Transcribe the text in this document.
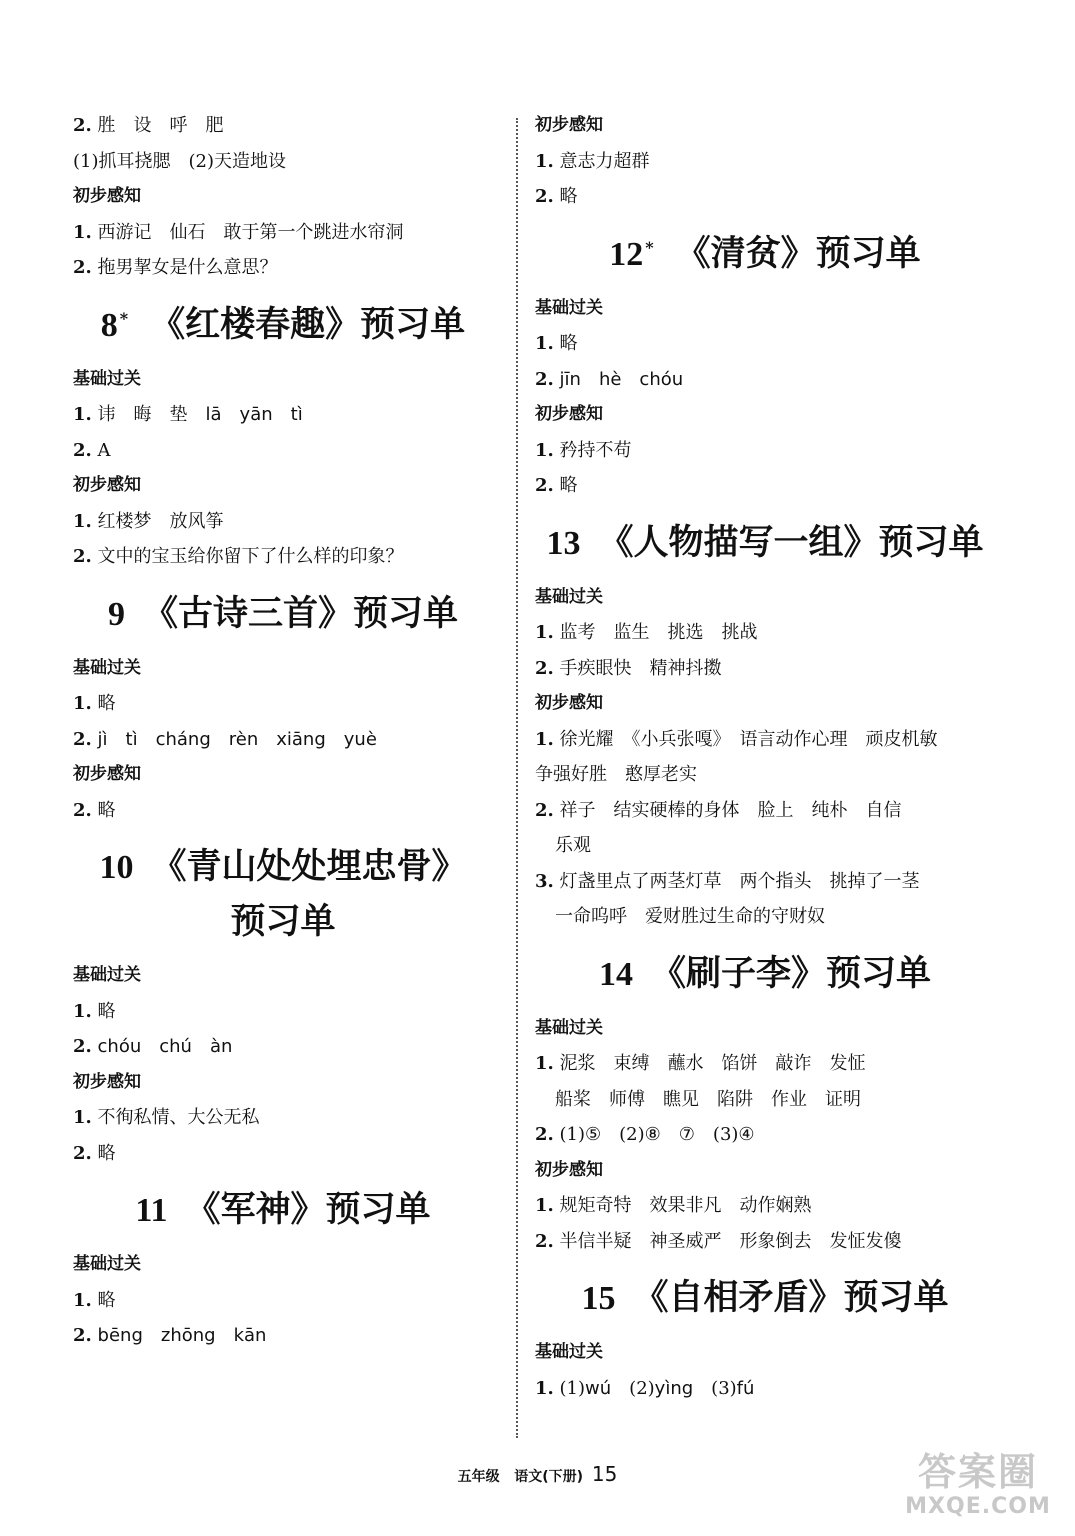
2. 胜　设　呼　肥
(1)抓耳挠腮　(2)天造地设
初步感知
1. 西游记　仙石　敢于第一个跳进水帘洞
2. 拖男挈女是什么意思？
8 * 《红楼春趣》预习单
基础过关
1. 讳　晦　垫　lā　yān　tì
2. A
初步感知
1. 红楼梦　放风筝
2. 文中的宝玉给你留下了什么样的印象？
9 《古诗三首》预习单
基础过关
1. 略
2. jì　tì　cháng　rèn　xiāng　yuè
初步感知
2. 略
10 《青山处处埋忠骨》
预习单
基础过关
1. 略
2. chóu　chú　àn
初步感知
1. 不徇私情、大公无私
2. 略
11 《军神》预习单
基础过关
1. 略
2. bēng　zhōng　kān
初步感知
1. 意志力超群
2. 略
12 * 《清贫》预习单
基础过关
1. 略
2. jīn　hè　chóu
初步感知
1. 矜持不苟
2. 略
13 《人物描写一组》预习单
基础过关
1. 监考　监生　挑选　挑战
2. 手疾眼快　精神抖擞
初步感知
1. 徐光耀　《小兵张嘎》　语言动作心理　顽皮机敏
争强好胜　憨厚老实
2. 祥子　结实硬棒的身体　脸上　纯朴　自信
乐观
3. 灯盏里点了两茎灯草　两个指头　挑掉了一茎
一命呜呼　爱财胜过生命的守财奴
14 《刷子李》预习单
基础过关
1. 泥浆　束缚　蘸水　馅饼　敲诈　发怔
船桨　师傅　瞧见　陷阱　作业　证明
2. (1)⑤　(2)⑧　⑦　(3)④
初步感知
1. 规矩奇特　效果非凡　动作娴熟
2. 半信半疑　神圣威严　形象倒去　发怔发傻
15 《自相矛盾》预习单
基础过关
1. (1)wú　(2)yìng　(3)fú
五年级 语文(下册) 15	答案圈
MXQE.COM
